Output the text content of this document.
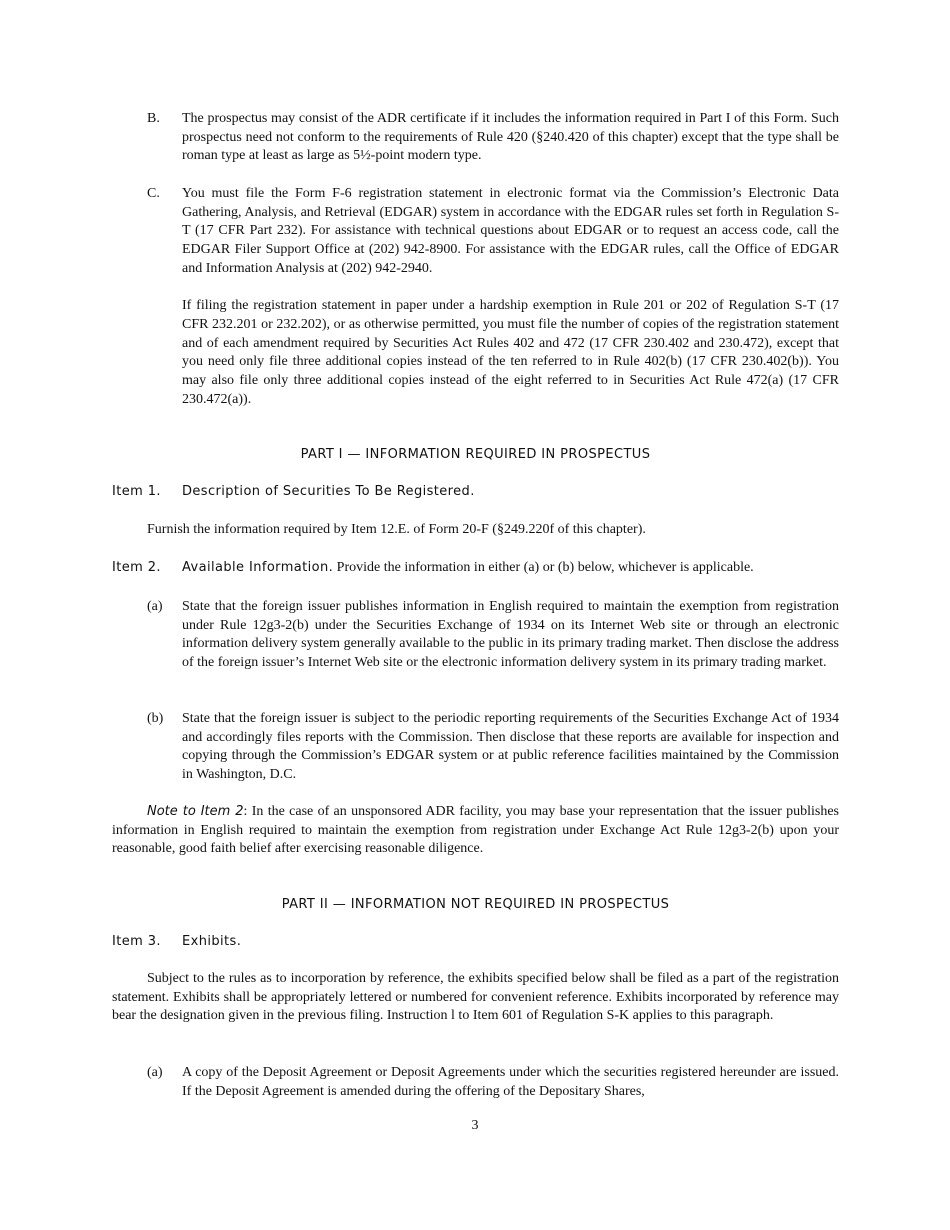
B. The prospectus may consist of the ADR certificate if it includes the information required in Part I of this Form. Such prospectus need not conform to the requirements of Rule 420 (§240.420 of this chapter) except that the type shall be roman type at least as large as 5½-point modern type.

C. You must file the Form F-6 registration statement in electronic format via the Commission’s Electronic Data Gathering, Analysis, and Retrieval (EDGAR) system in accordance with the EDGAR rules set forth in Regulation S-T (17 CFR Part 232). For assistance with technical questions about EDGAR or to request an access code, call the EDGAR Filer Support Office at (202) 942-8900. For assistance with the EDGAR rules, call the Office of EDGAR and Information Analysis at (202) 942-2940.

If filing the registration statement in paper under a hardship exemption in Rule 201 or 202 of Regulation S-T (17 CFR 232.201 or 232.202), or as otherwise permitted, you must file the number of copies of the registration statement and of each amendment required by Securities Act Rules 402 and 472 (17 CFR 230.402 and 230.472), except that you need only file three additional copies instead of the ten referred to in Rule 402(b) (17 CFR 230.402(b)). You may also file only three additional copies instead of the eight referred to in Securities Act Rule 472(a) (17 CFR 230.472(a)).

PART I — INFORMATION REQUIRED IN PROSPECTUS
Item 1. Description of Securities To Be Registered.
Furnish the information required by Item 12.E. of Form 20-F (§249.220f of this chapter).
Item 2. Available Information. Provide the information in either (a) or (b) below, whichever is applicable.
(a) State that the foreign issuer publishes information in English required to maintain the exemption from registration under Rule 12g3-2(b) under the Securities Exchange of 1934 on its Internet Web site or through an electronic information delivery system generally available to the public in its primary trading market. Then disclose the address of the foreign issuer’s Internet Web site or the electronic information delivery system in its primary trading market.

(b) State that the foreign issuer is subject to the periodic reporting requirements of the Securities Exchange Act of 1934 and accordingly files reports with the Commission. Then disclose that these reports are available for inspection and copying through the Commission’s EDGAR system or at public reference facilities maintained by the Commission in Washington, D.C.

Note to Item 2: In the case of an unsponsored ADR facility, you may base your representation that the issuer publishes information in English required to maintain the exemption from registration under Exchange Act Rule 12g3-2(b) upon your reasonable, good faith belief after exercising reasonable diligence.
PART II — INFORMATION NOT REQUIRED IN PROSPECTUS
Item 3. Exhibits.
Subject to the rules as to incorporation by reference, the exhibits specified below shall be filed as a part of the registration statement. Exhibits shall be appropriately lettered or numbered for convenient reference. Exhibits incorporated by reference may bear the designation given in the previous filing. Instruction l to Item 601 of Regulation S-K applies to this paragraph.
(a) A copy of the Deposit Agreement or Deposit Agreements under which the securities registered hereunder are issued. If the Deposit Agreement is amended during the offering of the Depositary Shares,

3
